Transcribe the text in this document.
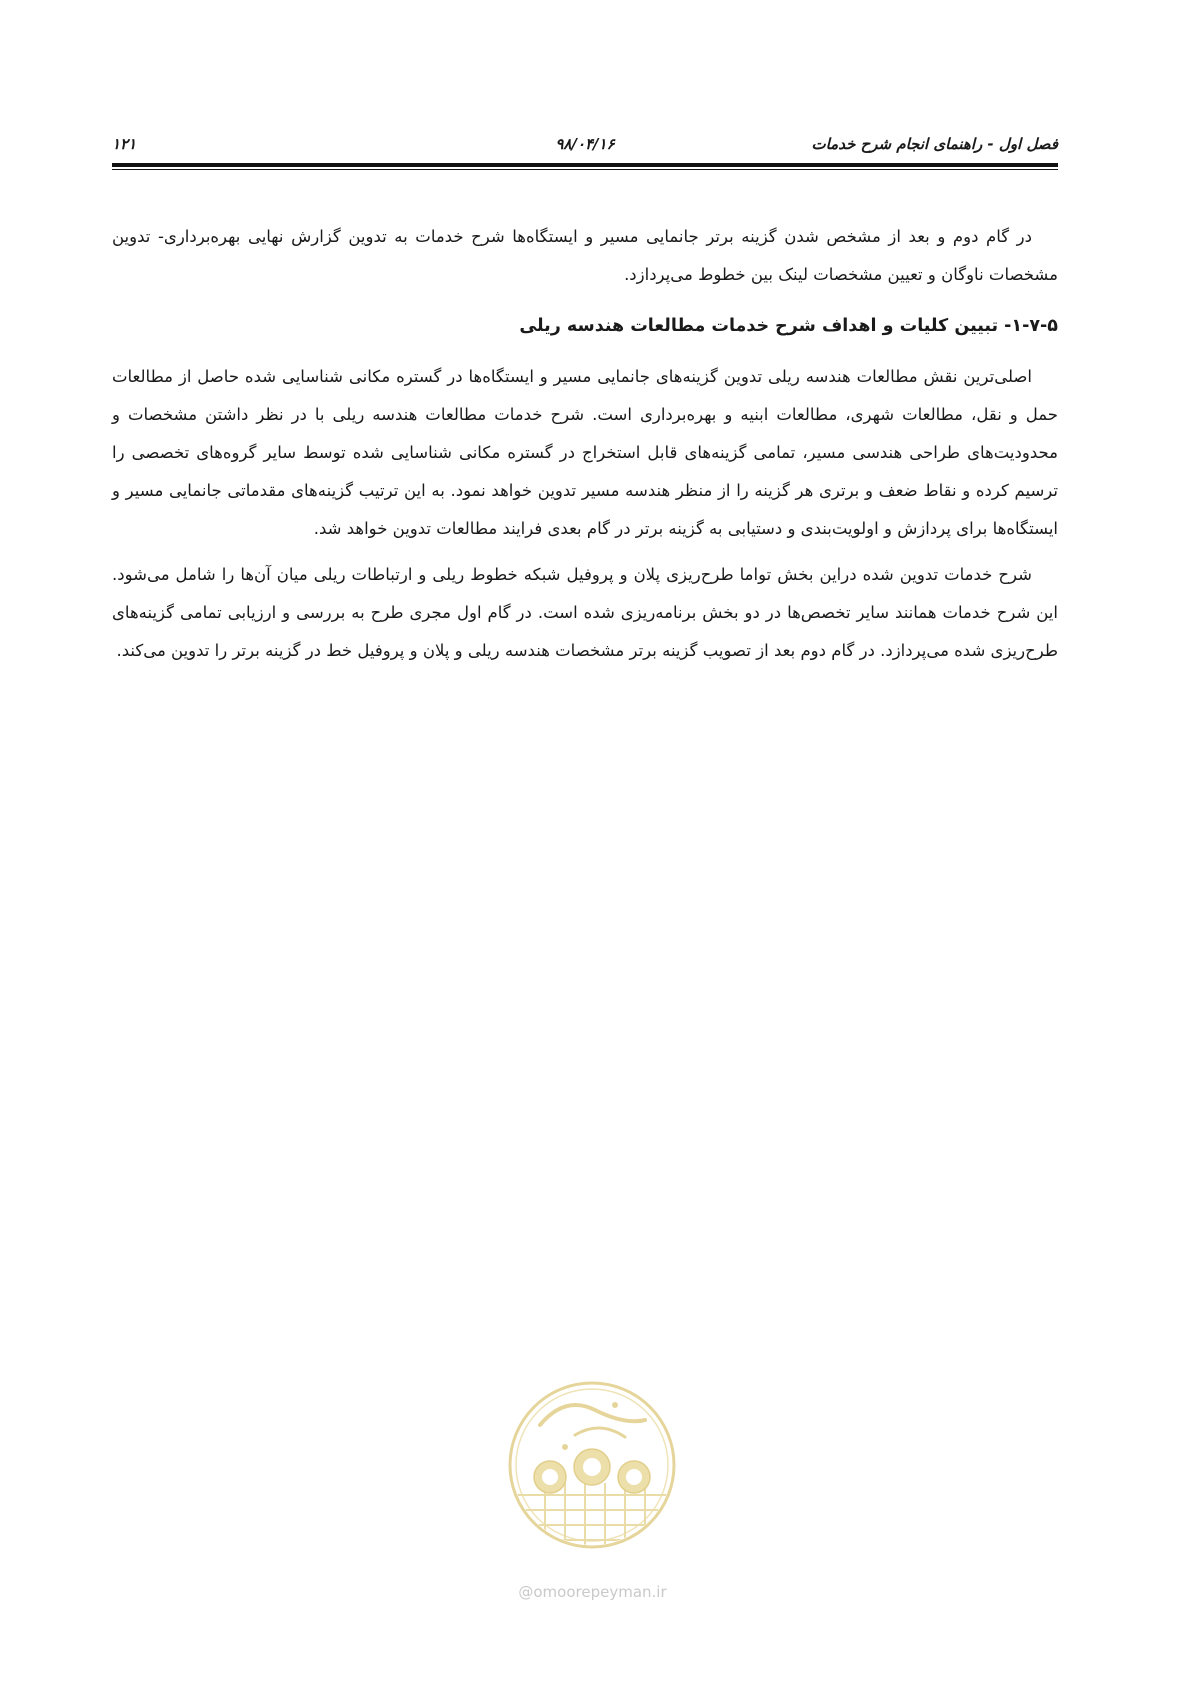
فصل اول - راهنمای انجام شرح خدمات
۹۸/۰۴/۱۶
۱۲۱

در گام دوم و بعد از مشخص شدن گزینه برتر جانمایی مسیر و ایستگاه‌ها شرح خدمات به تدوین گزارش نهایی بهره‌برداری- تدوین مشخصات ناوگان و تعیین مشخصات لینک بین خطوط می‌پردازد.

۱-۷-۵- تبیین کلیات و اهداف شرح خدمات مطالعات هندسه ریلی

اصلی‌ترین نقش مطالعات هندسه ریلی تدوین گزینه‌های جانمایی مسیر و ایستگاه‌ها در گستره مکانی شناسایی شده حاصل از مطالعات حمل و نقل، مطالعات شهری، مطالعات ابنیه و بهره‌برداری است. شرح خدمات مطالعات هندسه ریلی با در نظر داشتن مشخصات و محدودیت‌های طراحی هندسی مسیر، تمامی گزینه‌های قابل استخراج در گستره مکانی شناسایی شده توسط سایر گروه‌های تخصصی را ترسیم کرده و نقاط ضعف و برتری هر گزینه را از منظر هندسه مسیر تدوین خواهد نمود. به این ترتیب گزینه‌های مقدماتی جانمایی مسیر و ایستگاه‌ها برای پردازش و اولویت‌بندی و دستیابی به گزینه برتر در گام بعدی فرایند مطالعات تدوین خواهد شد.

شرح خدمات تدوین شده دراین بخش تواما طرح‌ریزی پلان و پروفیل شبکه خطوط ریلی و ارتباطات ریلی میان آن‌ها را شامل می‌شود. این شرح خدمات همانند سایر تخصص‌ها در دو بخش برنامه‌ریزی شده است. در گام اول مجری طرح به بررسی و ارزیابی تمامی گزینه‌های طرح‌ریزی شده می‌پردازد. در گام دوم بعد از تصویب گزینه برتر مشخصات هندسه ریلی و پلان و پروفیل خط در گزینه برتر را تدوین می‌کند.

@omoorepeyman.ir
